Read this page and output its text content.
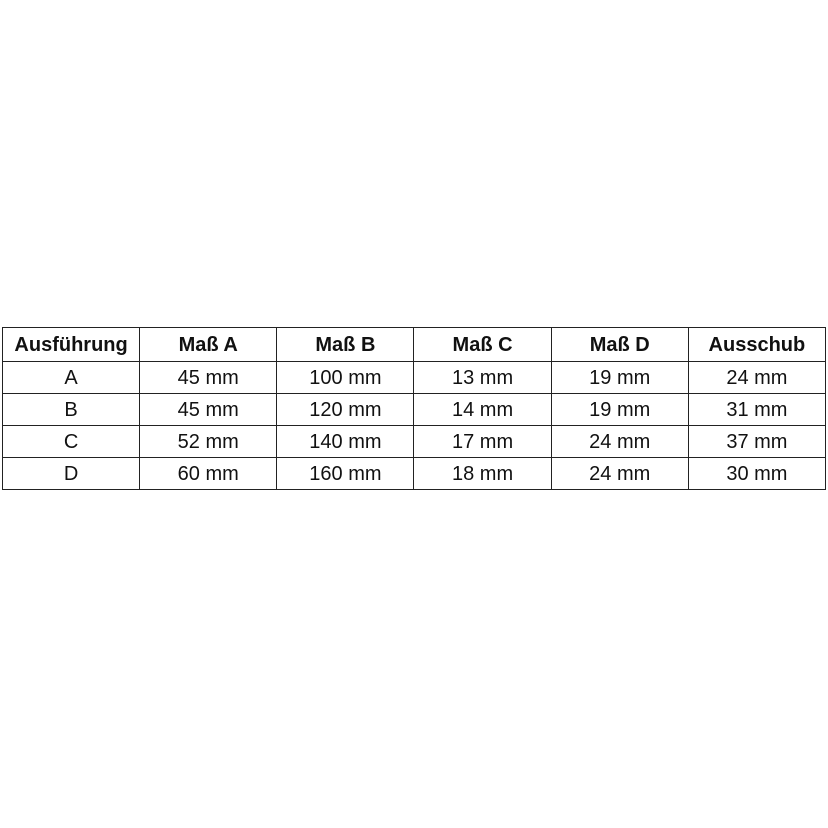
Ausführung	Maß A	Maß B	Maß C	Maß D	Ausschub
A	45 mm	100 mm	13 mm	19 mm	24 mm
B	45 mm	120 mm	14 mm	19 mm	31 mm
C	52 mm	140 mm	17 mm	24 mm	37 mm
D	60 mm	160 mm	18 mm	24 mm	30 mm
